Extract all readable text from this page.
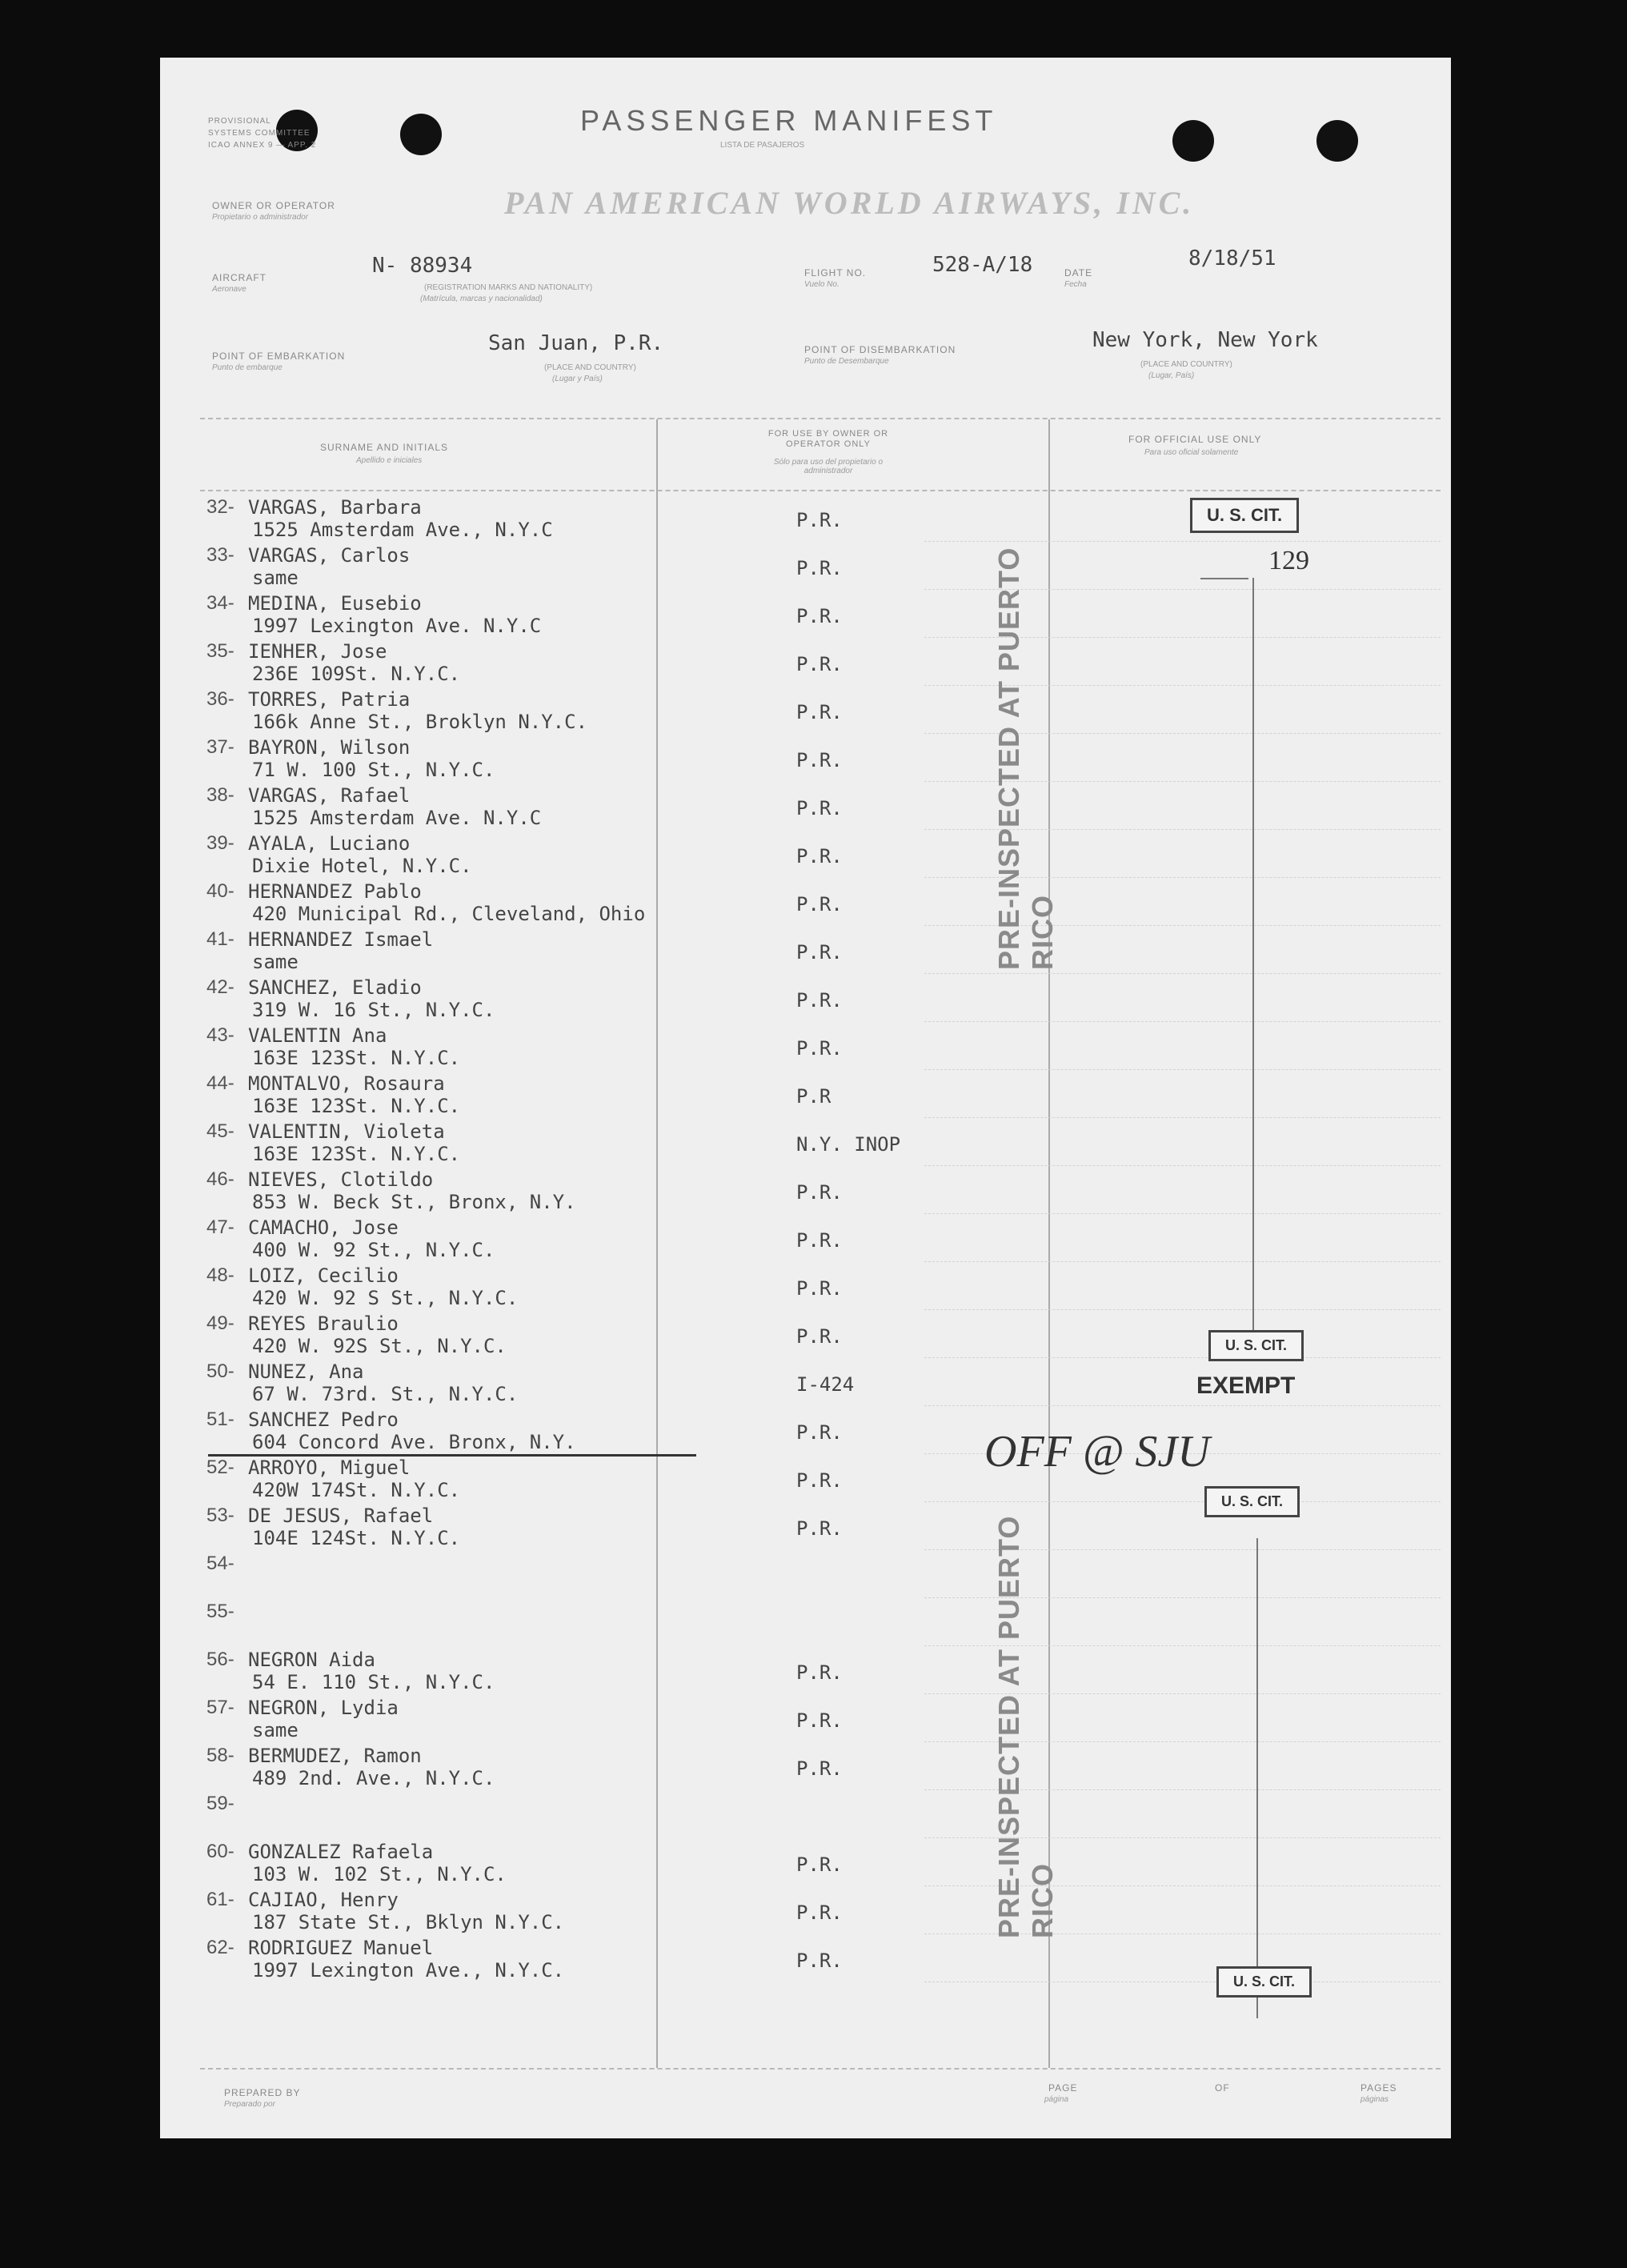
PROVISIONAL
SYSTEMS COMMITTEE
ICAO ANNEX 9 — APP. 2
PASSENGER MANIFEST
LISTA DE PASAJEROS
OWNER OR OPERATOR
Propietario o administrador	PAN AMERICAN WORLD AIRWAYS, INC.
AIRCRAFT
Aeronave
N- 88934
(REGISTRATION MARKS AND NATIONALITY)
(Matrícula, marcas y nacionalidad)
FLIGHT NO.
Vuelo No.
528-A/18	DATE
Fecha
8/18/51
POINT OF EMBARKATION
Punto de embarque
San Juan, P.R.
(PLACE AND COUNTRY)
(Lugar y País)
POINT OF DISEMBARKATION
Punto de Desembarque
New York, New York
(PLACE AND COUNTRY)
(Lugar, País)
SURNAME AND INITIALS
Apellido e iniciales
FOR USE BY OWNER OR OPERATOR ONLY
Sólo para uso del propietario o administrador
FOR OFFICIAL USE ONLY
Para uso oficial solamente
32- VARGAS, Barbara
1525 Amsterdam Ave., N.Y.C	P.R.
33- VARGAS, Carlos
same	P.R.
34- MEDINA, Eusebio
1997 Lexington Ave. N.Y.C	P.R.
35- IENHER, Jose
236E 109St. N.Y.C.	P.R.
36- TORRES, Patria
166k Anne St., Broklyn N.Y.C.	P.R.
37- BAYRON, Wilson
71 W. 100 St., N.Y.C.	P.R.
38- VARGAS, Rafael
1525 Amsterdam Ave. N.Y.C	P.R.
39- AYALA, Luciano
Dixie Hotel, N.Y.C.	P.R.
40- HERNANDEZ Pablo
420 Municipal Rd., Cleveland, Ohio	P.R.
41- HERNANDEZ Ismael
same	P.R.
42- SANCHEZ, Eladio
319 W. 16 St., N.Y.C.	P.R.
43- VALENTIN Ana
163E 123St. N.Y.C.	P.R.
44- MONTALVO, Rosaura
163E 123St. N.Y.C.	P.R
45- VALENTIN, Violeta
163E 123St. N.Y.C.	N.Y. INOP
46- NIEVES, Clotildo
853 W. Beck St., Bronx, N.Y.	P.R.
47- CAMACHO, Jose
400 W. 92 St., N.Y.C.	P.R.
48- LOIZ, Cecilio
420 W. 92 S St., N.Y.C.	P.R.
49- REYES Braulio
420 W. 92S St., N.Y.C.	P.R.
50- NUNEZ, Ana
67 W. 73rd. St., N.Y.C.	I-424
51- SANCHEZ Pedro
604 Concord Ave. Bronx, N.Y.	P.R.
52- ARROYO, Miguel
420W 174St. N.Y.C.	P.R.
53- DE JESUS, Rafael
104E 124St. N.Y.C.	P.R.
54-
55-
56- NEGRON Aida
54 E. 110 St., N.Y.C.	P.R.
57- NEGRON, Lydia
same	P.R.
58- BERMUDEZ, Ramon
489 2nd. Ave., N.Y.C.	P.R.
59-
60- GONZALEZ Rafaela
103 W. 102 St., N.Y.C.	P.R.
61- CAJIAO, Henry
187 State St., Bklyn N.Y.C.	P.R.
62- RODRIGUEZ Manuel
1997 Lexington Ave., N.Y.C.	P.R.
PRE-INSPECTED AT PUERTO RICO
PRE-INSPECTED AT PUERTO RICO
U. S. CIT.
129
U. S. CIT.
EXEMPT
OFF @ SJU
U. S. CIT.
U. S. CIT.
PREPARED BY
Preparado por
PAGE
página
OF	PAGES
páginas
